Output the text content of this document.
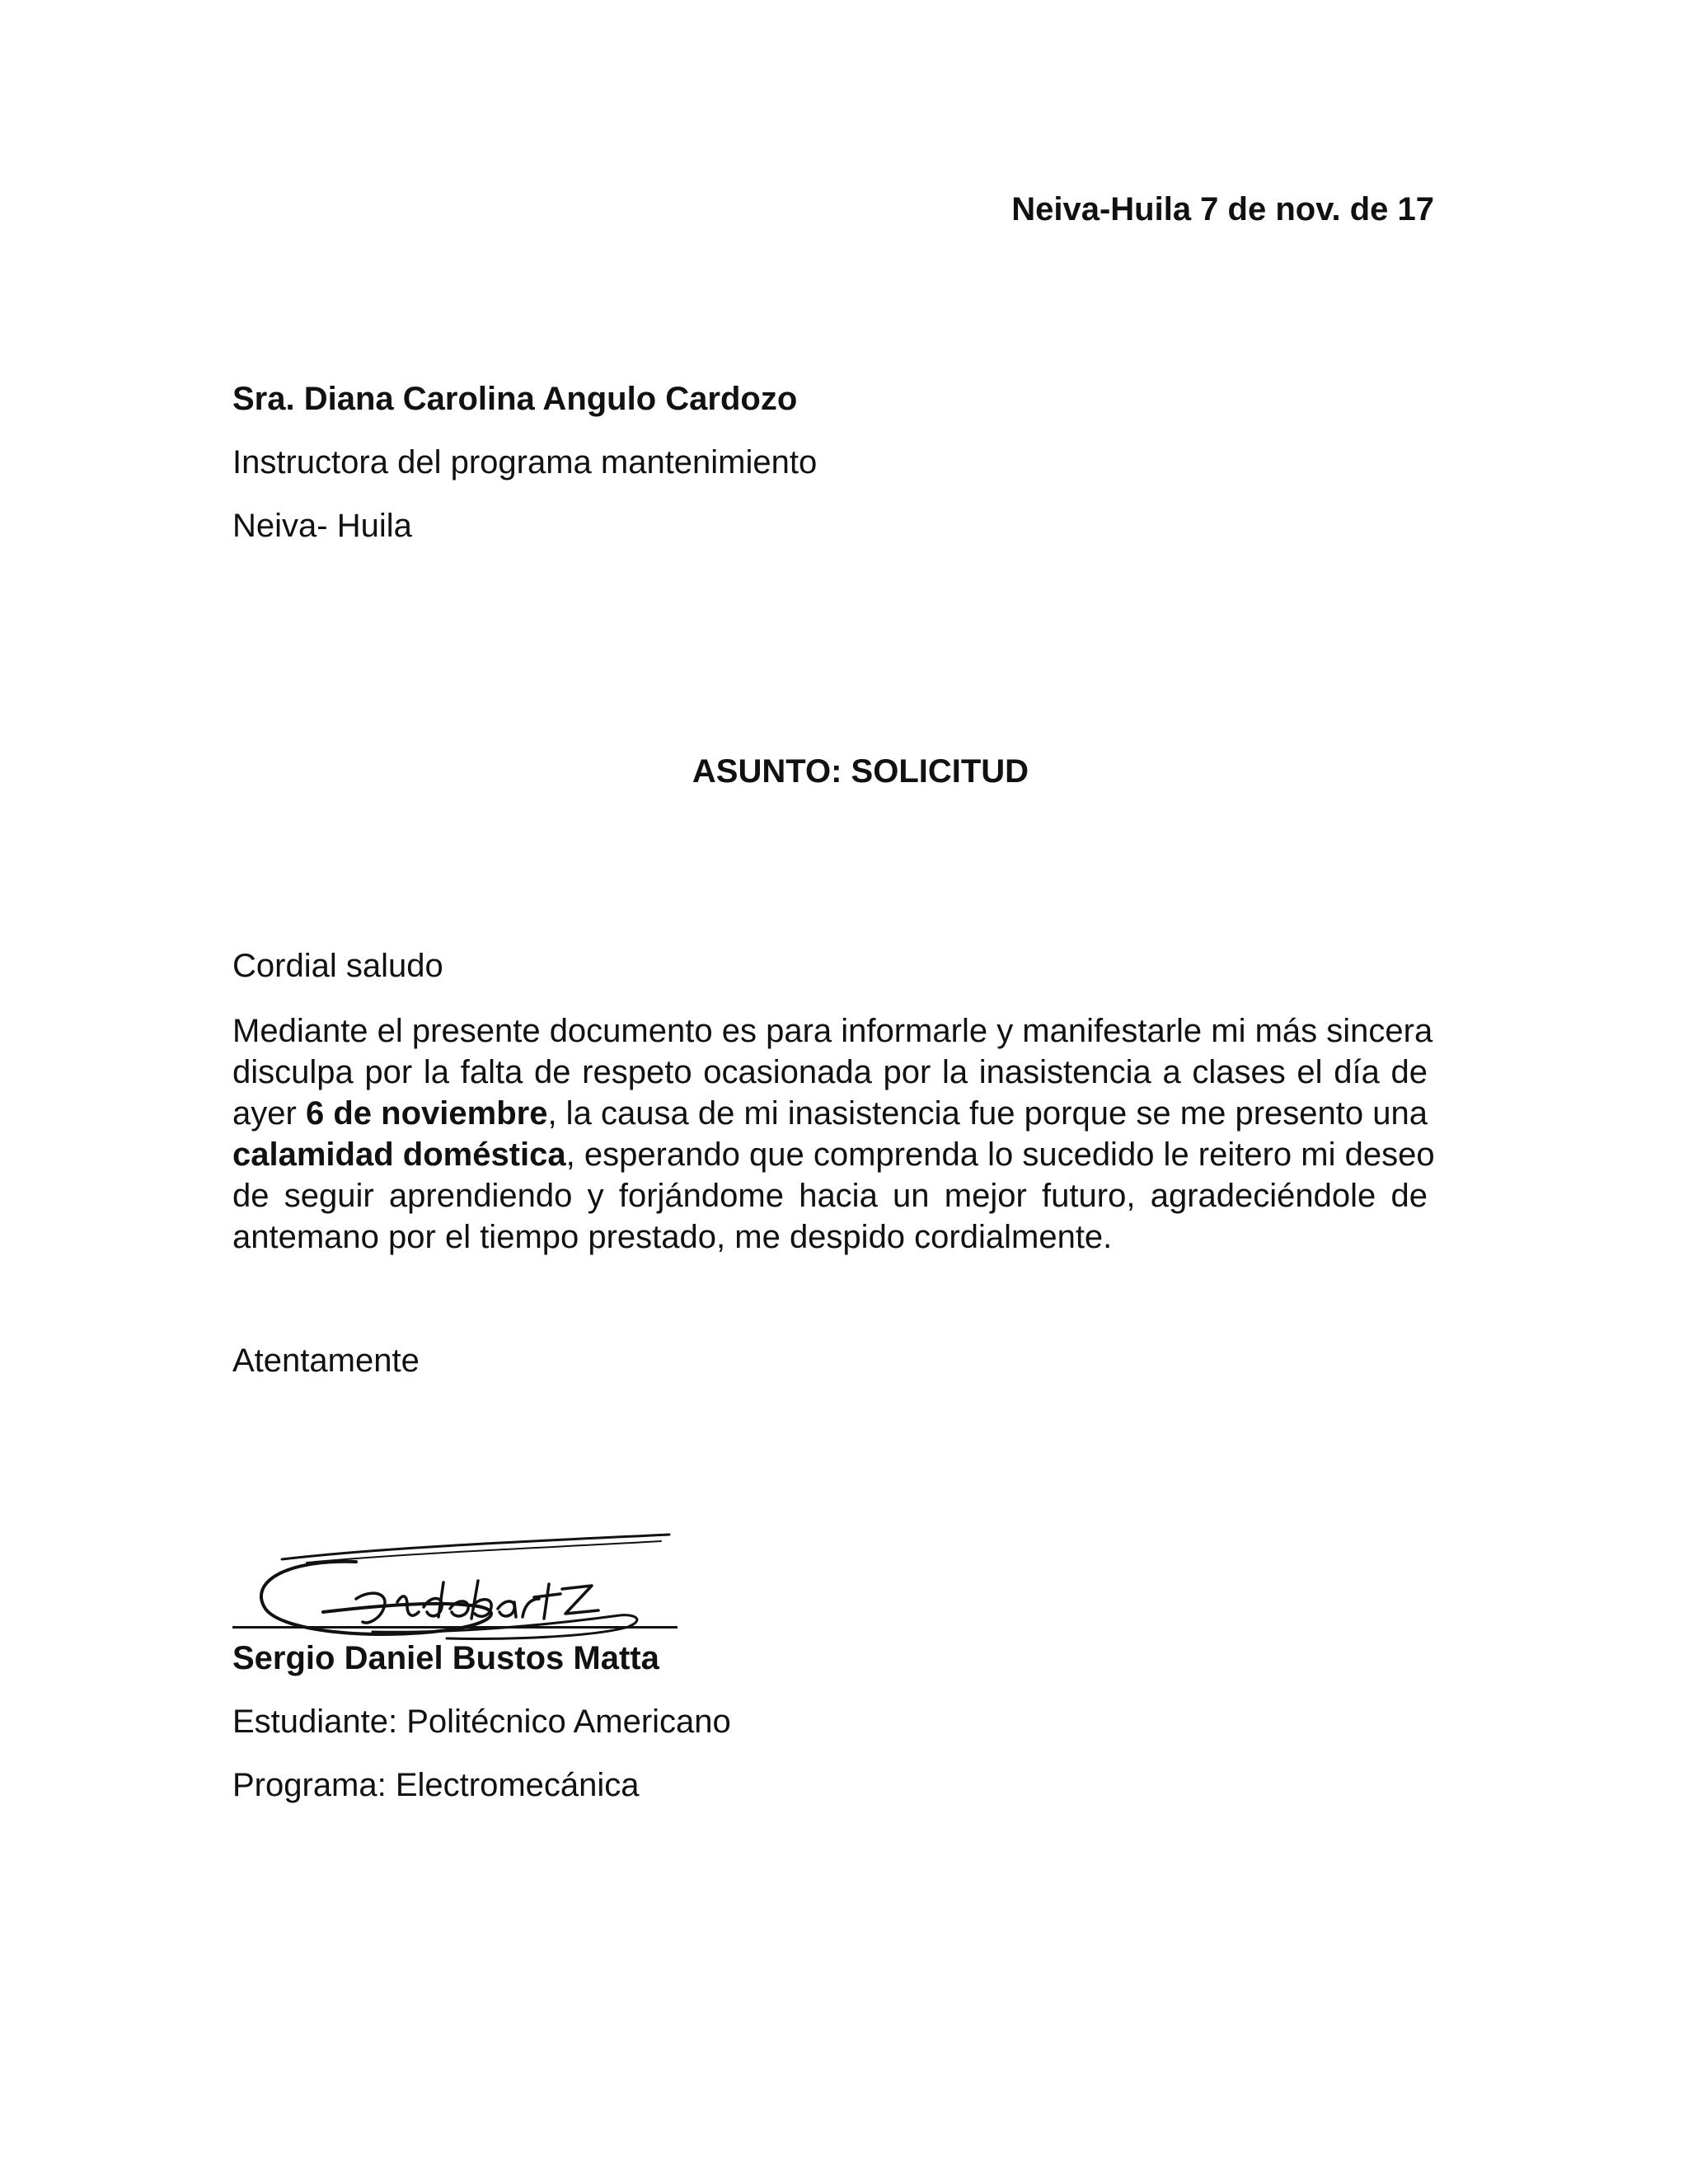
Neiva-Huila 7 de nov. de 17

Sra. Diana Carolina Angulo Cardozo

Instructora del programa mantenimiento

Neiva- Huila

ASUNTO: SOLICITUD

Cordial saludo

Mediante el presente documento es para informarle y manifestarle mi más sincera
disculpa por la falta de respeto ocasionada por la inasistencia a clases el día de
ayer 6 de noviembre, la causa de mi inasistencia fue porque se me presento una
calamidad doméstica, esperando que comprenda lo sucedido le reitero mi deseo
de seguir aprendiendo y forjándome hacia un mejor futuro, agradeciéndole de
antemano por el tiempo prestado, me despido cordialmente.

Atentamente

Sergio Daniel Bustos Matta

Estudiante: Politécnico Americano

Programa: Electromecánica
